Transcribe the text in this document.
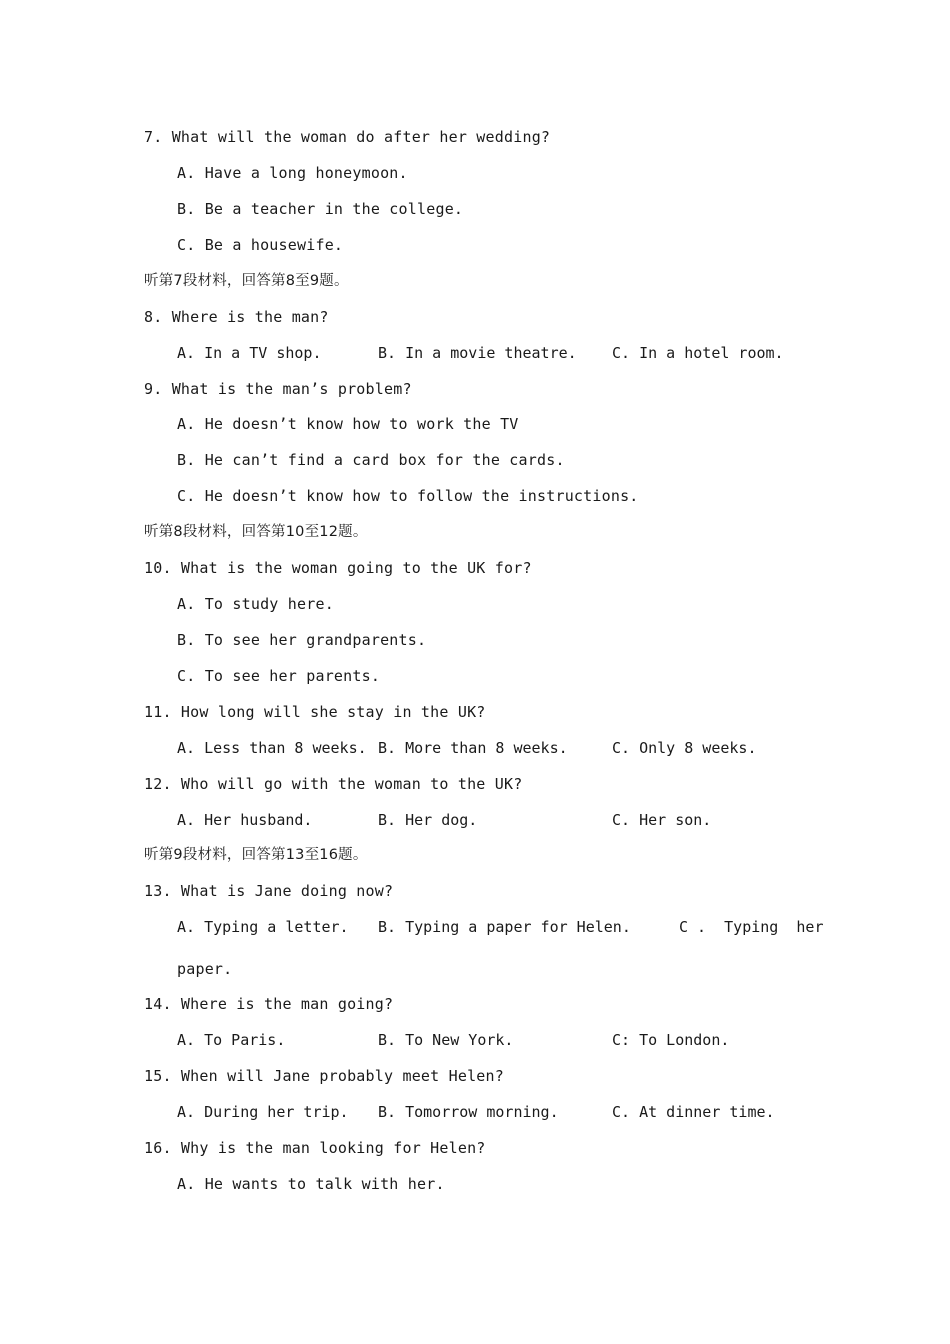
7. What will the woman do after her wedding?
A. Have a long honeymoon.
B. Be a teacher in the college.
C. Be a housewife.
听第7段材料，回答第8至9题。
8. Where is the man?
A. In a TV shop.	B. In a movie theatre. C. In a hotel room.
9. What is the man’s problem?
A. He doesn’t know how to work the TV
B. He can’t find a card box for the cards.
C. He doesn’t know how to follow the instructions.
听第8段材料，回答第10至12题。
10. What is the woman going to the UK for?
A. To study here.
B. To see her grandparents.
C. To see her parents.
11. How long will she stay in the UK?
A. Less than 8 weeks. B. More than 8 weeks.	C. Only 8 weeks.
12. Who will go with the woman to the UK?
A. Her husband.	B. Her dog.	C. Her son.
听第9段材料，回答第13至16题。
13. What is Jane doing now?
A. Typing a letter. B. Typing a paper for Helen.	C .  Typing  her
paper.
14. Where is the man going?
A. To Paris.	B. To New York.	C: To London.
15. When will Jane probably meet Helen?
A. During her trip. B. Tomorrow morning.	C. At dinner time.
16. Why is the man looking for Helen?
A. He wants to talk with her.
